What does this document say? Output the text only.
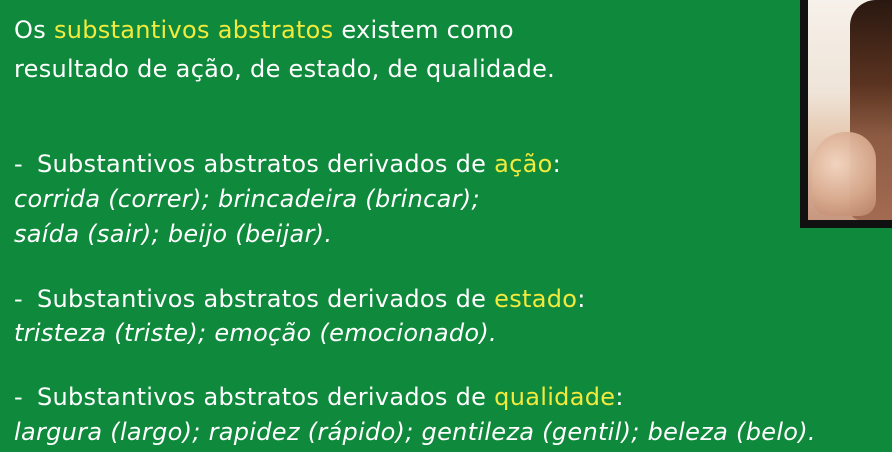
Os substantivos abstratos existem como
resultado de ação, de estado, de qualidade.
- Substantivos abstratos derivados de ação:
corrida (correr); brincadeira (brincar);
saída (sair); beijo (beijar).
- Substantivos abstratos derivados de estado:
tristeza (triste); emoção (emocionado).
- Substantivos abstratos derivados de qualidade:
largura (largo); rapidez (rápido); gentileza (gentil); beleza (belo).
